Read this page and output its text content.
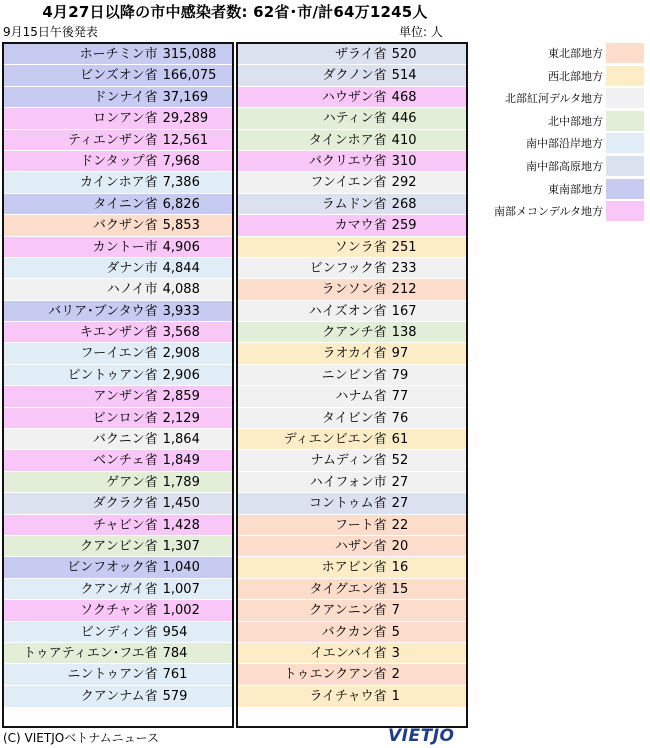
4月27日以降の市中感染者数: 62省･市/計64万1245人
9月15日午後発表	単位: 人
ホーチミン市 315,088
ビンズオン省 166,075
ドンナイ省 37,169
ロンアン省 29,289
ティエンザン省 12,561
ドンタップ省 7,968
カインホア省 7,386
タイニン省 6,826
バクザン省 5,853
カントー市 4,906
ダナン市 4,844
ハノイ市 4,088
バリア･ブンタウ省 3,933
キエンザン省 3,568
フーイエン省 2,908
ビントゥアン省 2,906
アンザン省 2,859
ビンロン省 2,129
バクニン省 1,864
ベンチェ省 1,849
ゲアン省 1,789
ダクラク省 1,450
チャビン省 1,428
クアンビン省 1,307
ビンフオック省 1,040
クアンガイ省 1,007
ソクチャン省 1,002
ビンディン省 954
トゥアティエン･フエ省 784
ニントゥアン省 761
クアンナム省 579
ザライ省 520
ダクノン省 514
ハウザン省 468
ハティン省 446
タインホア省 410
バクリエウ省 310
フンイエン省 292
ラムドン省 268
カマウ省 259
ソンラ省 251
ビンフック省 233
ランソン省 212
ハイズオン省 167
クアンチ省 138
ラオカイ省 97
ニンビン省 79
ハナム省 77
タイビン省 76
ディエンビエン省 61
ナムディン省 52
ハイフォン市 27
コントゥム省 27
フート省 22
ハザン省 20
ホアビン省 16
タイグエン省 15
クアンニン省 7
バクカン省 5
イエンバイ省 3
トゥエンクアン省 2
ライチャウ省 1
東北部地方
西北部地方
北部紅河デルタ地方
北中部地方
南中部沿岸地方
南中部高原地方
東南部地方
南部メコンデルタ地方
(C) VIETJOベトナムニュース	VIETJO
